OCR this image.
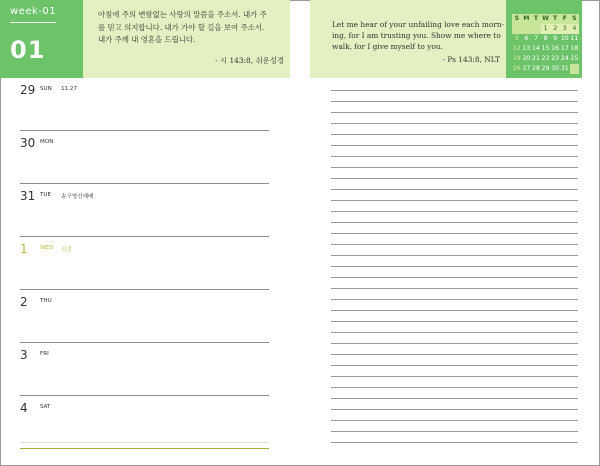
week-01
01
아침에 주의 변함없는 사랑의 말씀을 주소서. 내가 주
를 믿고 의지합니다. 내가 가야 할 길을 보여 주소서.
내가 주께 내 영혼을 드립니다.
- 시 143:8, 쉬운성경
Let me hear of your unfailing love each morn-
ing, for I am trusting you. Show me where to
walk, for I give myself to you.
- Ps 143:8, NLT
S M T W T F S
1 2 3 4
5 6 7 8 9 10 11
12 13 14 15 16 17 18
19 20 21 22 23 24 25
26 27 28 29 30 31
29 SUN 11.27
30 MON
31 TUE 송구영신예배
1 WED 신정
2 THU
3 FRI
4 SAT
